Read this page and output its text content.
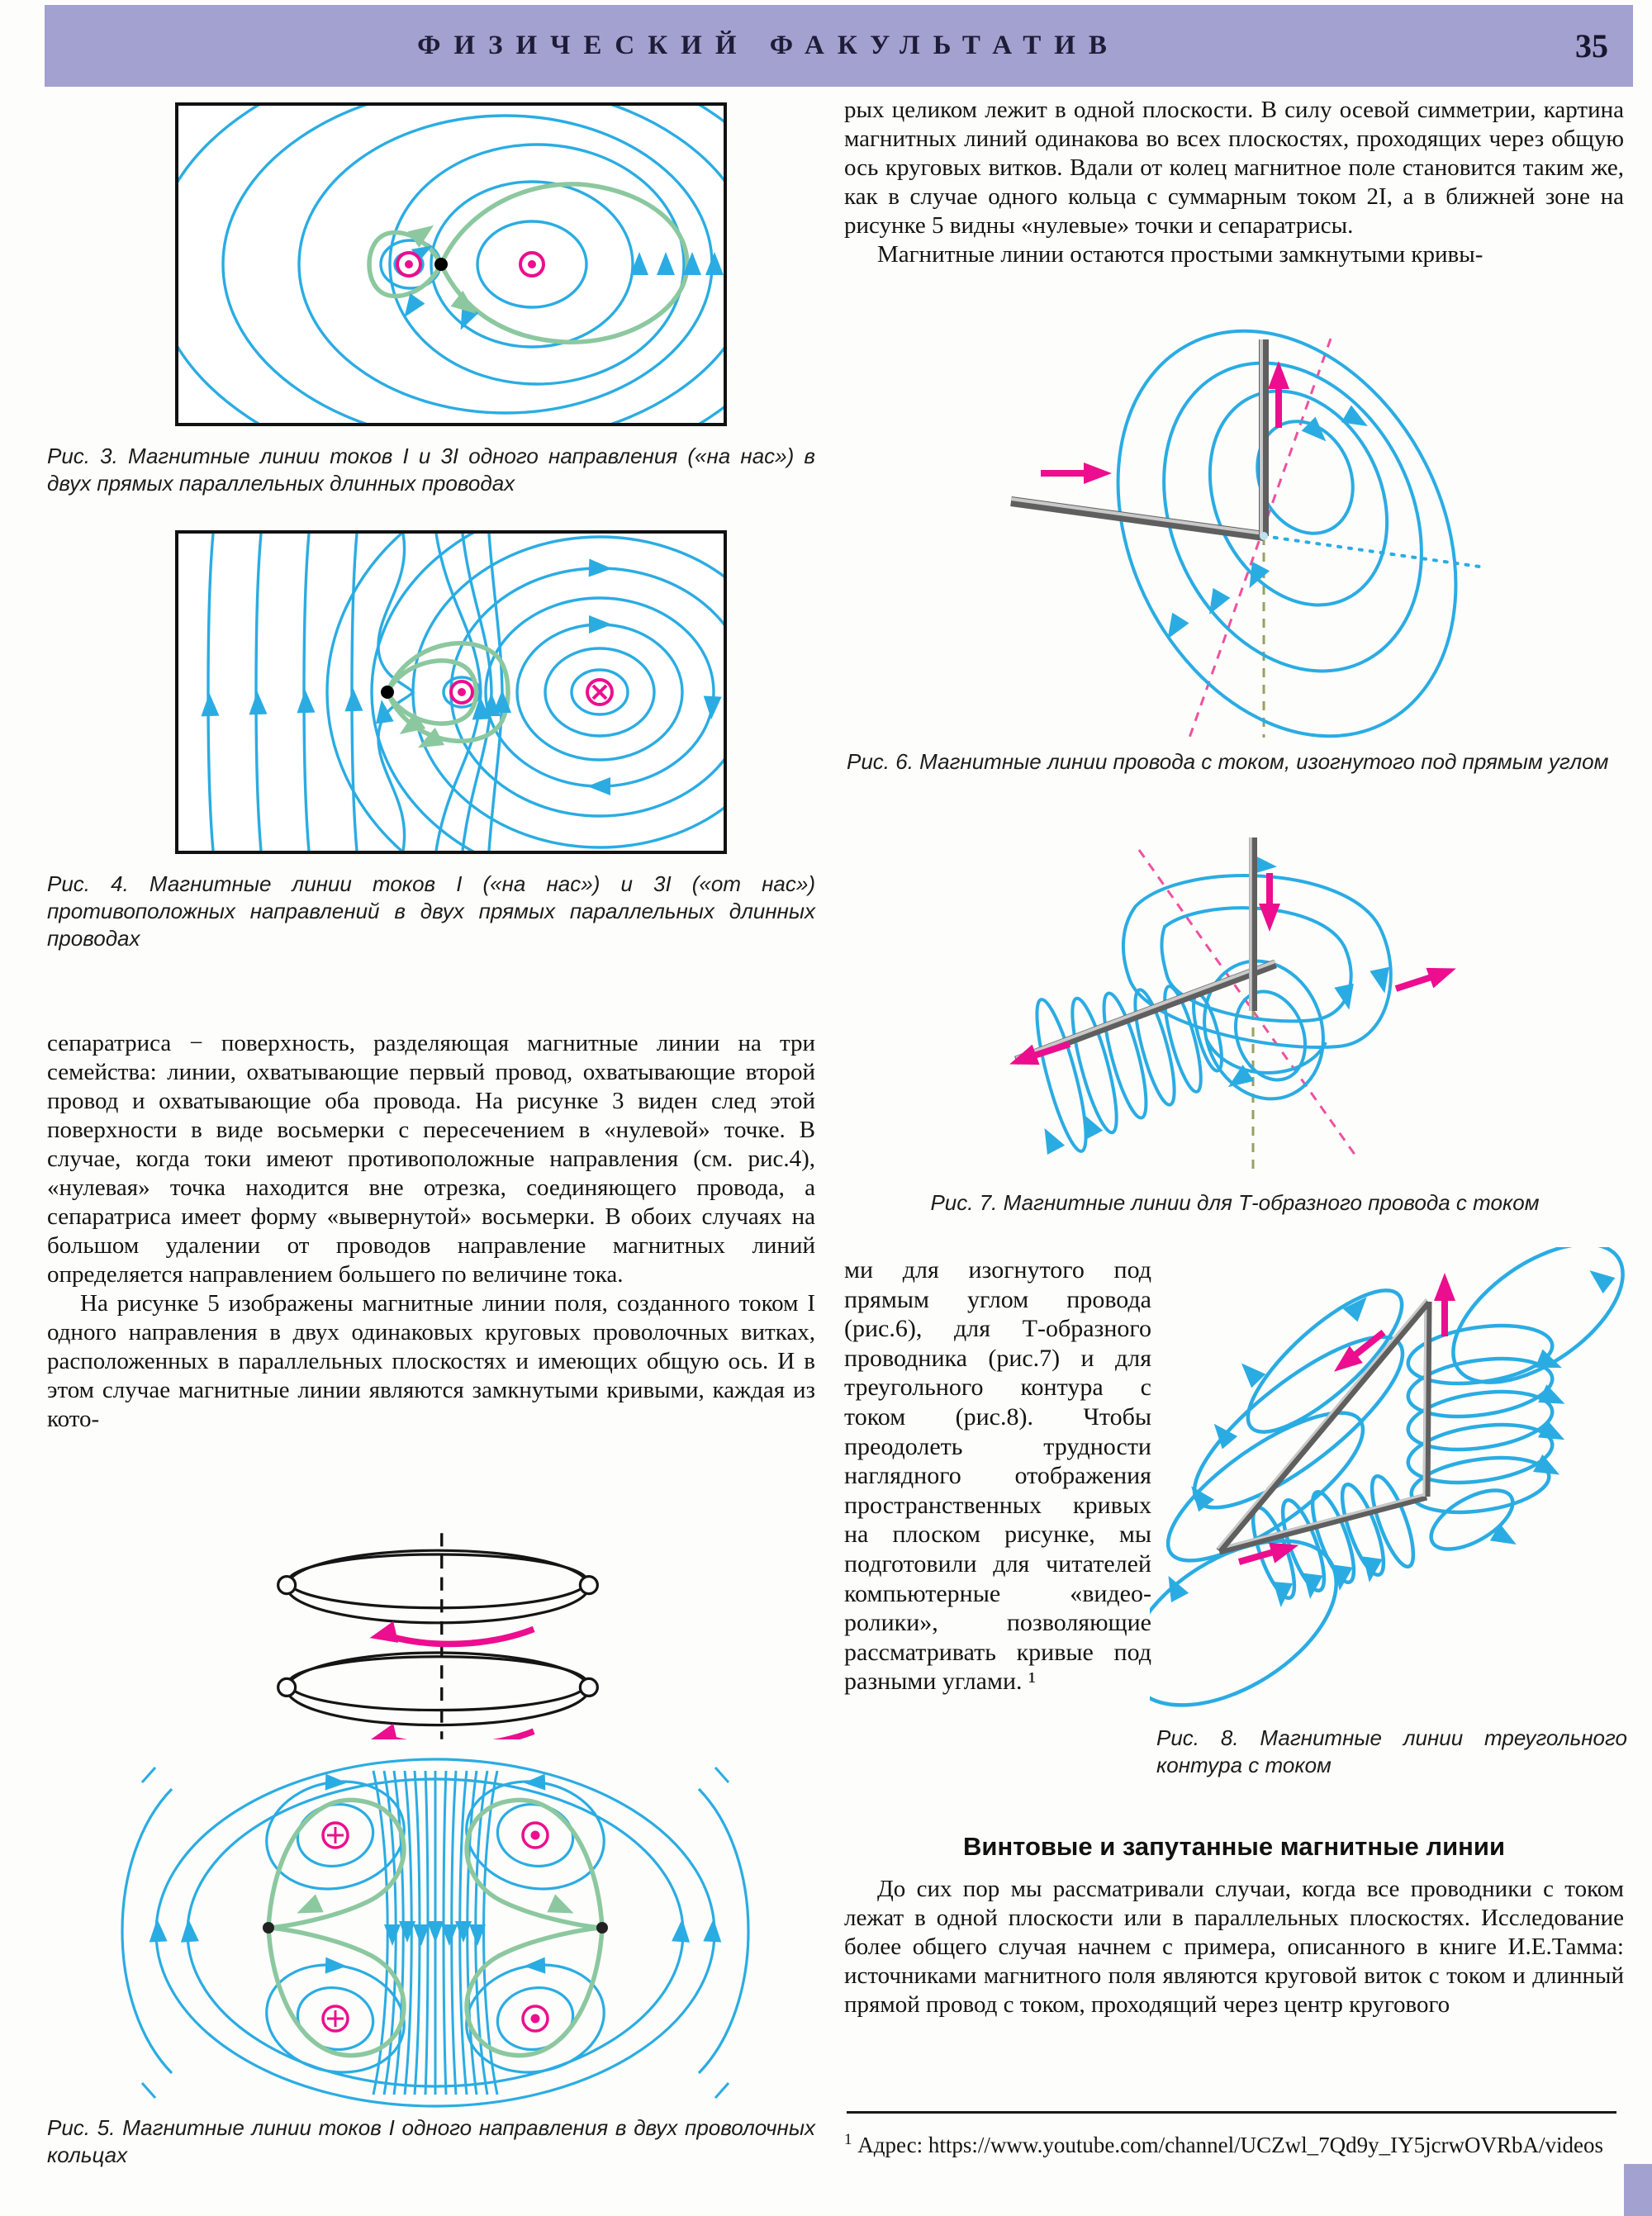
ФИЗИЧЕСКИЙ ФАКУЛЬТАТИВ	35
Рис. 3. Магнитные линии токов I и 3I одного направления («на нас») в двух прямых параллельных длинных проводах
Рис. 4. Магнитные линии токов I («на нас») и 3I («от нас») противоположных направлений в двух прямых параллельных длинных проводах

сепаратриса − поверхность, разделяющая магнитные линии на три семейства: линии, охватывающие первый провод, охватывающие второй провод и охватывающие оба провода. На рисунке 3 виден след этой поверхности в виде восьмерки с пересечением в «нулевой» точке. В случае, когда токи имеют противоположные направления (см. рис.4), «нулевая» точка находится вне отрезка, соединяющего провода, а сепаратриса имеет форму «вывернутой» восьмерки. В обоих случаях на большом удалении от проводов направление магнитных линий определяется направлением большего по величине тока.

На рисунке 5 изображены магнитные линии поля, созданного током I одного направления в двух одинаковых круговых проволочных витках, расположенных в параллельных плоскостях и имеющих общую ось. И в этом случае магнитные линии являются замкнутыми кривыми, каждая из кото-

Рис. 5. Магнитные линии токов I одного направления в двух проволочных кольцах

рых целиком лежит в одной плоскости. В силу осевой симметрии, картина магнитных линий одинакова во всех плоскостях, проходящих через общую ось круговых витков. Вдали от колец магнитное поле становится таким же, как в случае одного кольца с суммарным током 2I, а в ближней зоне на рисунке 5 видны «нулевые» точки и сепаратрисы.

Магнитные линии остаются простыми замкнутыми кривы-

Рис. 6. Магнитные линии провода с током, изогнутого под прямым углом
Рис. 7. Магнитные линии для Т-образного провода с током

ми для изогнутого под прямым углом провода (рис.6), для Т-образного проводника (рис.7) и для треугольного контура с током (рис.8). Чтобы преодолеть трудности наглядного отображения пространственных кривых на плоском рисунке, мы подготовили для читателей компьютерные «видео-ролики», позволяющие рассматривать кривые под разными углами. ¹

Рис. 8. Магнитные линии треугольного контура с током
Винтовые и запутанные магнитные линии

До сих пор мы рассматривали случаи, когда все проводники с током лежат в одной плоскости или в параллельных плоскостях. Исследование более общего случая начнем с примера, описанного в книге И.Е.Тамма: источниками магнитного поля являются круговой виток с током и длинный прямой провод с током, проходящий через центр кругового

$^1$ Адрес: https://www.youtube.com/channel/UCZwl_7Qd9y_IY5jcrwOVRbA/videos
